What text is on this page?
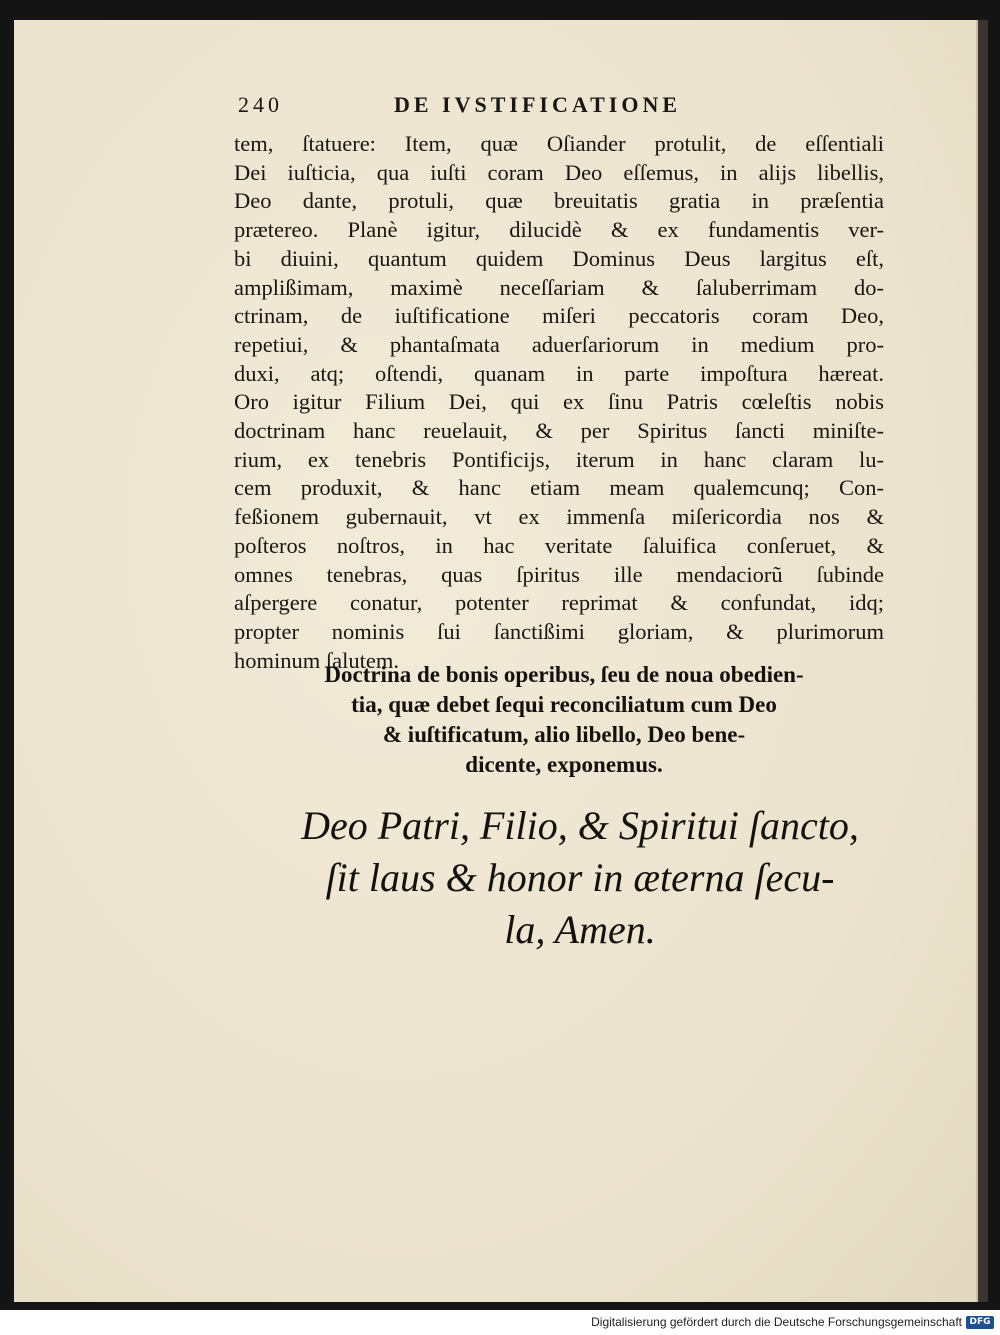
240	DE IVSTIFICATIONE
tem, ſtatuere: Item, quæ Oſiander protulit, de eſſentiali
Dei iuſticia, qua iuſti coram Deo eſſemus, in alijs libellis,
Deo dante, protuli, quæ breuitatis gratia in præſentia
prætereo. Planè igitur, dilucidè & ex fundamentis ver-
bi diuini, quantum quidem Dominus Deus largitus eſt,
amplißimam, maximè neceſſariam & ſaluberrimam do-
ctrinam, de iuſtificatione miſeri peccatoris coram Deo,
repetiui, & phantaſmata aduerſariorum in medium pro-
duxi, atq; oſtendi, quanam in parte impoſtura hæreat.
Oro igitur Filium Dei, qui ex ſinu Patris cœleſtis nobis
doctrinam hanc reuelauit, & per Spiritus ſancti miniſte-
rium, ex tenebris Pontificijs, iterum in hanc claram lu-
cem produxit, & hanc etiam meam qualemcunq; Con-
feßionem gubernauit, vt ex immenſa miſericordia nos &
poſteros noſtros, in hac veritate ſaluifica conſeruet, &
omnes tenebras, quas ſpiritus ille mendaciorũ ſubinde
aſpergere conatur, potenter reprimat & confundat, idq;
propter nominis ſui ſanctißimi gloriam, & plurimorum
hominum ſalutem.
Doctrina de bonis operibus, ſeu de noua obedien-
tia, quæ debet ſequi reconciliatum cum Deo
& iuſtificatum, alio libello, Deo bene-
dicente, exponemus.
Deo Patri, Filio, & Spiritui ſancto,
ſit laus & honor in æterna ſecu-
la, Amen.
Digitalisierung gefördert durch die Deutsche Forschungsgemeinschaft DFG
